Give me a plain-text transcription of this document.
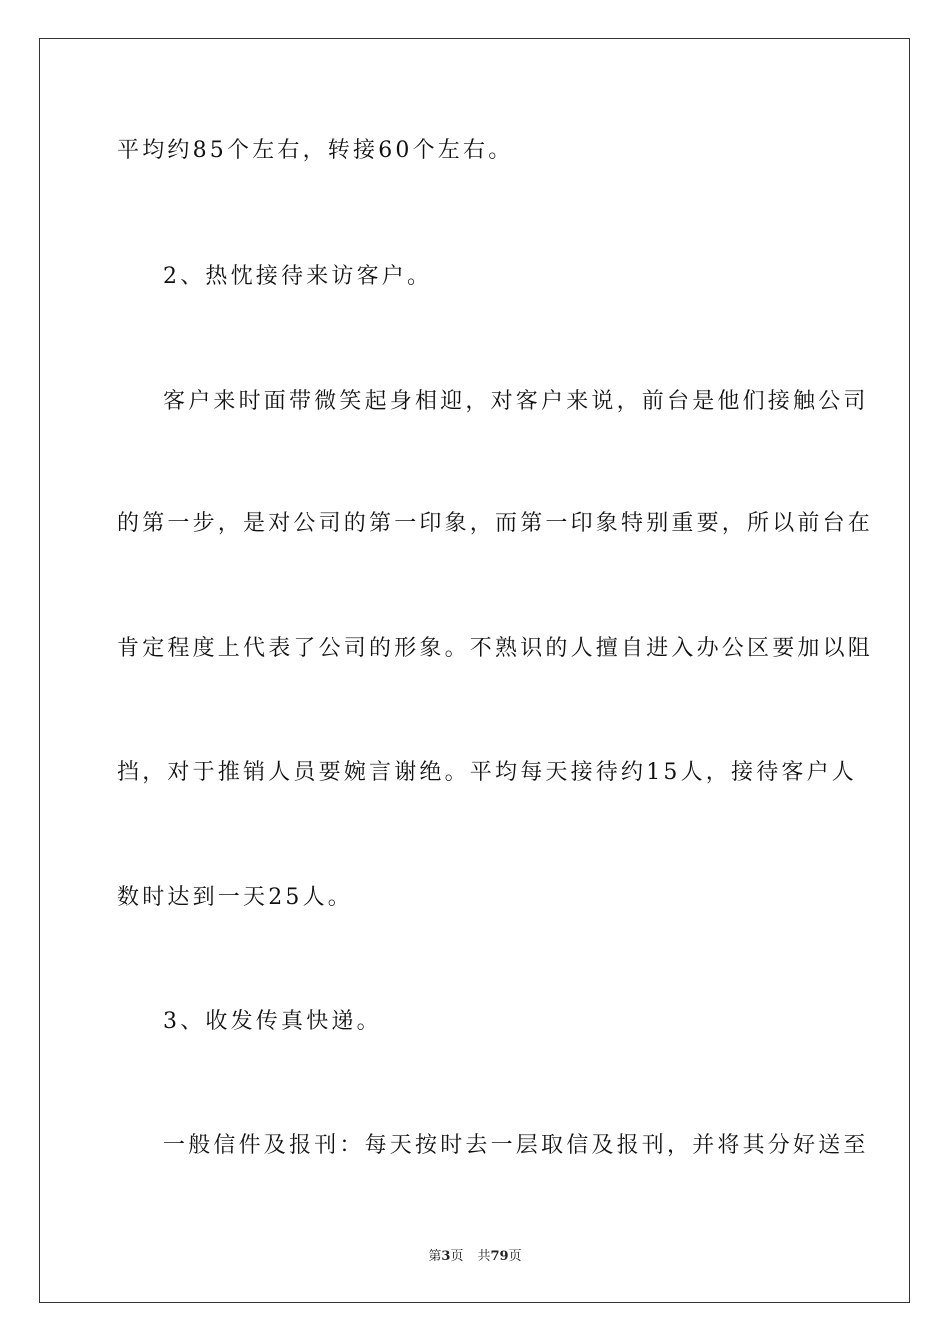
平均约85个左右，转接60个左右。
2、热忱接待来访客户。
客户来时面带微笑起身相迎，对客户来说，前台是他们接触公司
的第一步，是对公司的第一印象，而第一印象特别重要，所以前台在
肯定程度上代表了公司的形象。不熟识的人擅自进入办公区要加以阻
挡，对于推销人员要婉言谢绝。平均每天接待约15人，接待客户人
数时达到一天25人。
3、收发传真快递。
一般信件及报刊：每天按时去一层取信及报刊，并将其分好送至
第3页 共79页
